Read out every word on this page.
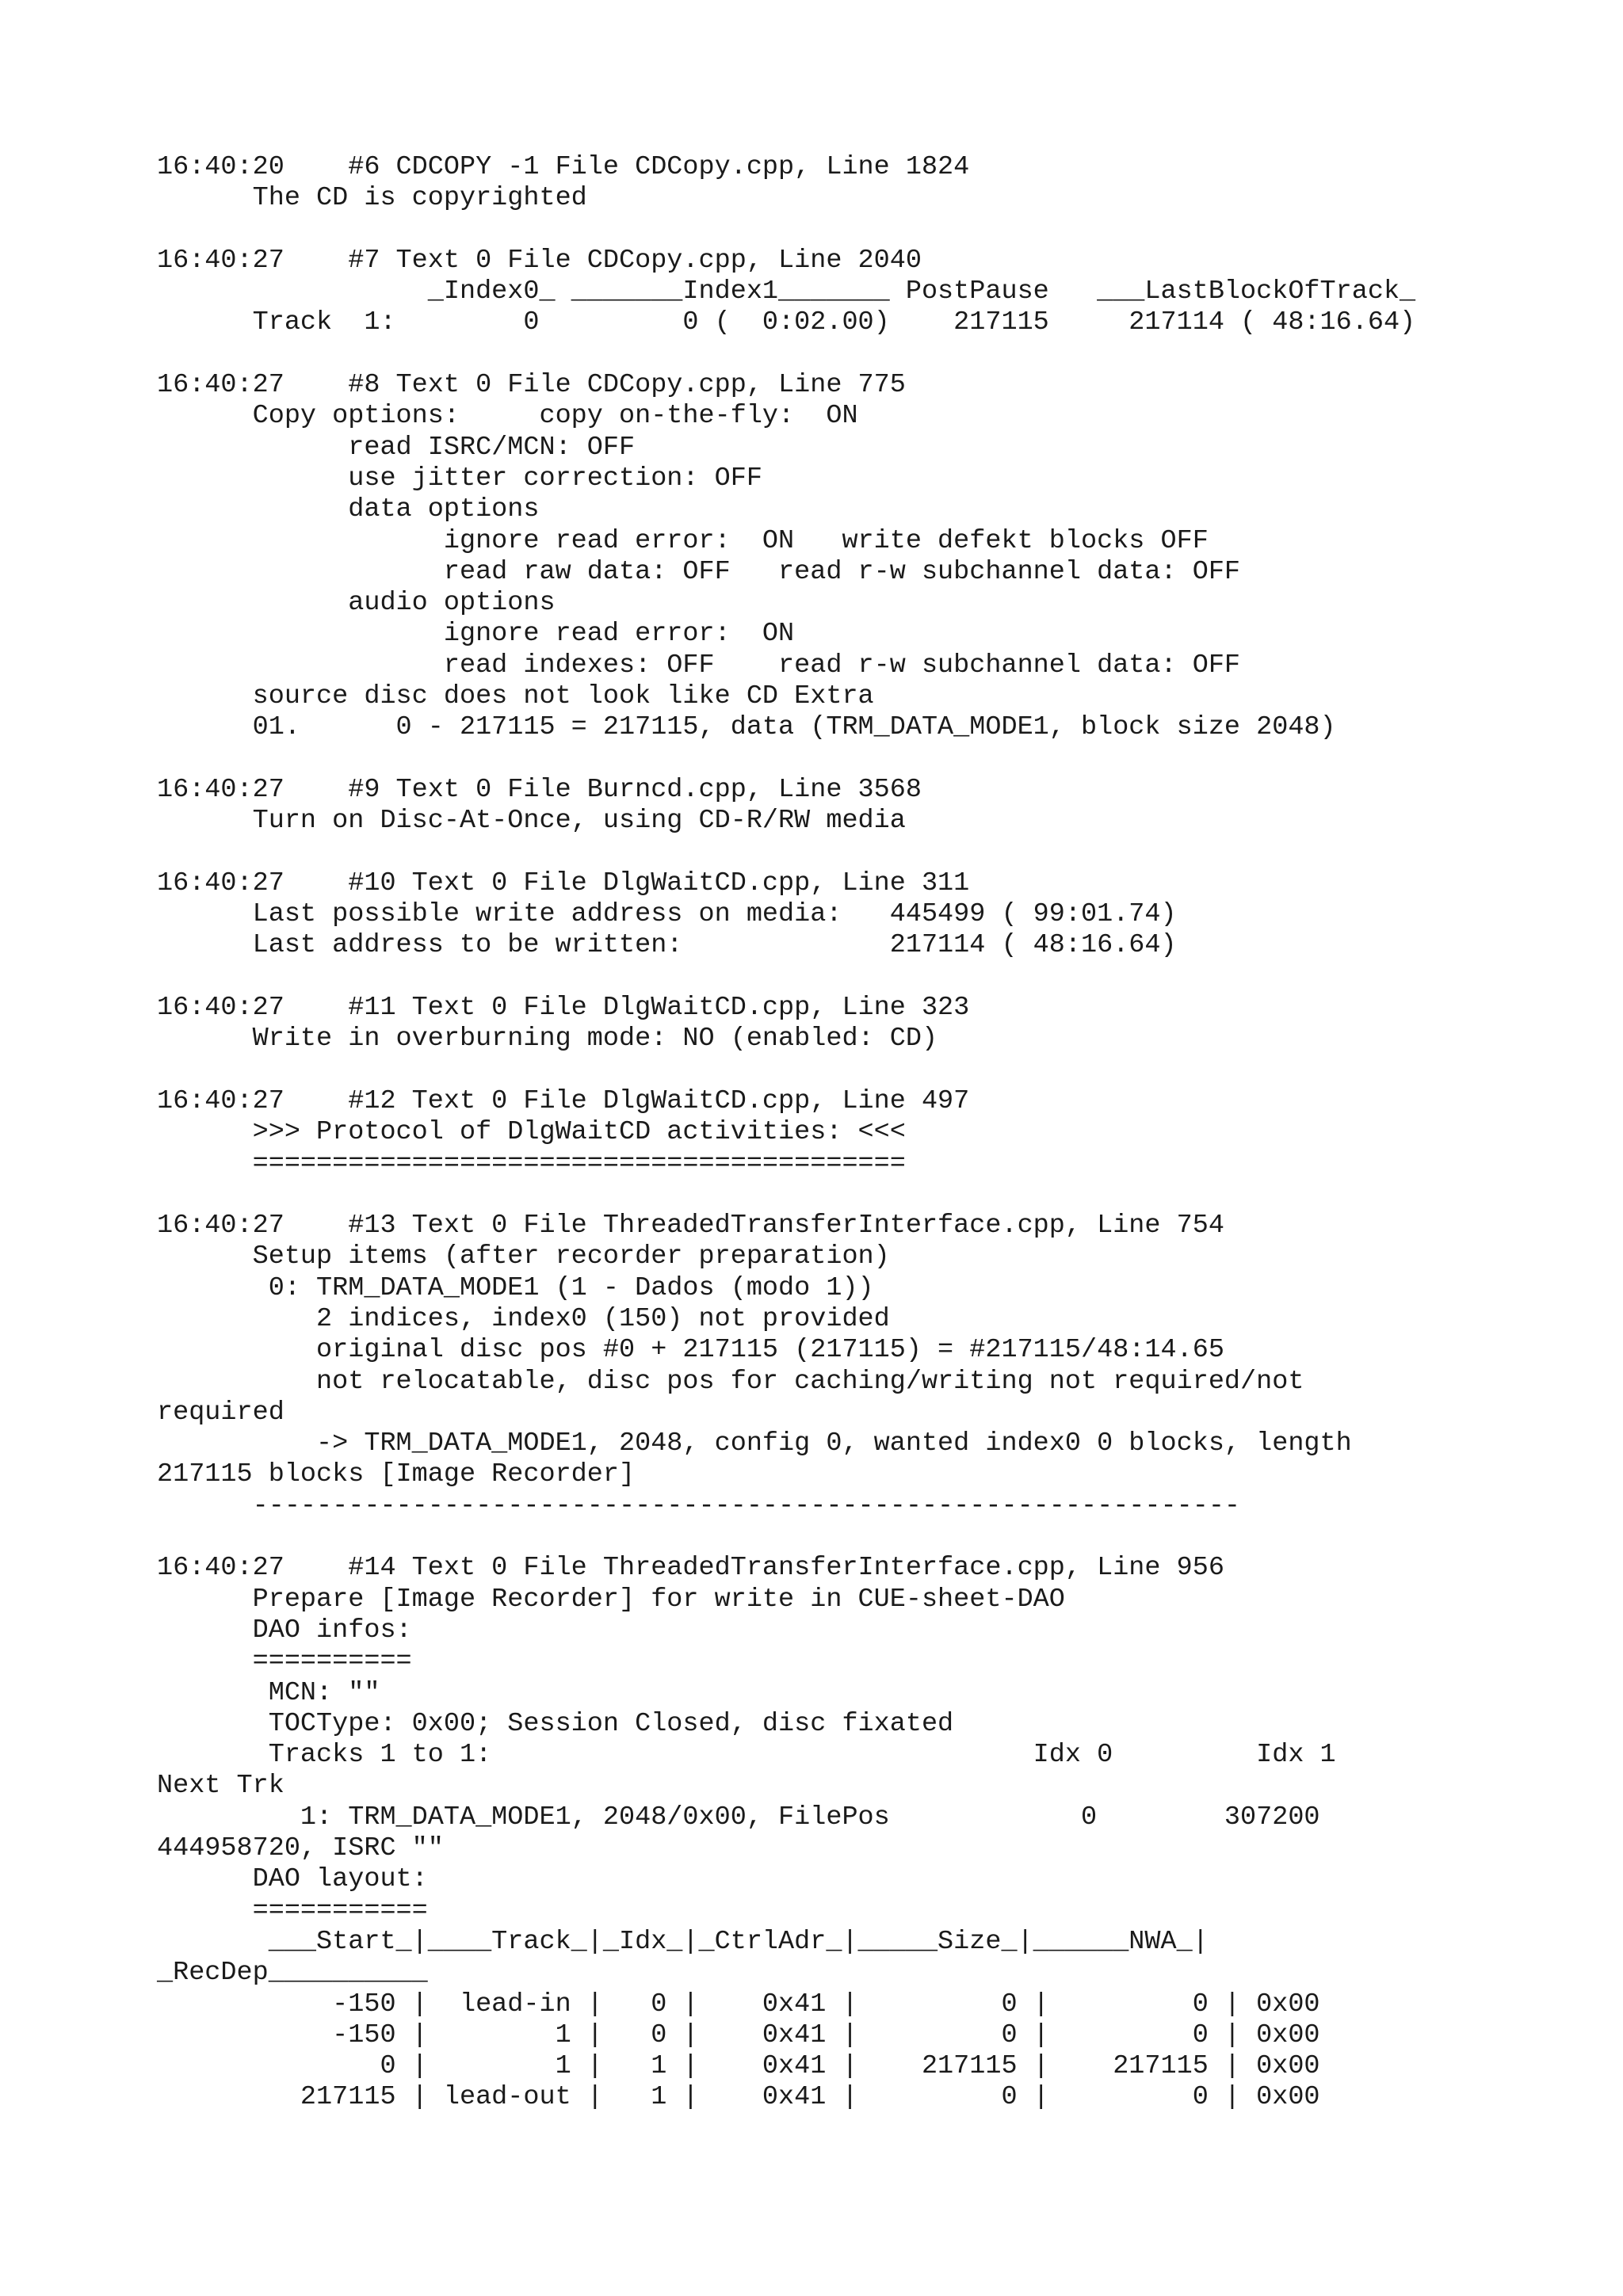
16:40:20    #6 CDCOPY -1 File CDCopy.cpp, Line 1824
The CD is copyrighted
16:40:27    #7 Text 0 File CDCopy.cpp, Line 2040
_Index0_ _______Index1_______ PostPause   ___LastBlockOfTrack_
Track  1:        0         0 (  0:02.00)    217115     217114 ( 48:16.64)
16:40:27    #8 Text 0 File CDCopy.cpp, Line 775
Copy options:     copy on-the-fly:  ON
read ISRC/MCN: OFF
use jitter correction: OFF
data options
ignore read error:  ON   write defekt blocks OFF
read raw data: OFF   read r-w subchannel data: OFF
audio options
ignore read error:  ON
read indexes: OFF    read r-w subchannel data: OFF
source disc does not look like CD Extra
01.      0 - 217115 = 217115, data (TRM_DATA_MODE1, block size 2048)
16:40:27    #9 Text 0 File Burncd.cpp, Line 3568
Turn on Disc-At-Once, using CD-R/RW media
16:40:27    #10 Text 0 File DlgWaitCD.cpp, Line 311
Last possible write address on media:   445499 ( 99:01.74)
Last address to be written:             217114 ( 48:16.64)
16:40:27    #11 Text 0 File DlgWaitCD.cpp, Line 323
Write in overburning mode: NO (enabled: CD)
16:40:27    #12 Text 0 File DlgWaitCD.cpp, Line 497
>>> Protocol of DlgWaitCD activities: <<<
=========================================
16:40:27    #13 Text 0 File ThreadedTransferInterface.cpp, Line 754
Setup items (after recorder preparation)
0: TRM_DATA_MODE1 (1 - Dados (modo 1))
2 indices, index0 (150) not provided
original disc pos #0 + 217115 (217115) = #217115/48:14.65
not relocatable, disc pos for caching/writing not required/not
required
-> TRM_DATA_MODE1, 2048, config 0, wanted index0 0 blocks, length
217115 blocks [Image Recorder]
--------------------------------------------------------------
16:40:27    #14 Text 0 File ThreadedTransferInterface.cpp, Line 956
Prepare [Image Recorder] for write in CUE-sheet-DAO
DAO infos:
==========
MCN: ""
TOCType: 0x00; Session Closed, disc fixated
Tracks 1 to 1:                                  Idx 0         Idx 1
Next Trk
1: TRM_DATA_MODE1, 2048/0x00, FilePos            0        307200
444958720, ISRC ""
DAO layout:
===========
___Start_|____Track_|_Idx_|_CtrlAdr_|_____Size_|______NWA_|
_RecDep__________
-150 |  lead-in |   0 |    0x41 |         0 |         0 | 0x00
-150 |        1 |   0 |    0x41 |         0 |         0 | 0x00
0 |        1 |   1 |    0x41 |    217115 |    217115 | 0x00
217115 | lead-out |   1 |    0x41 |         0 |         0 | 0x00
